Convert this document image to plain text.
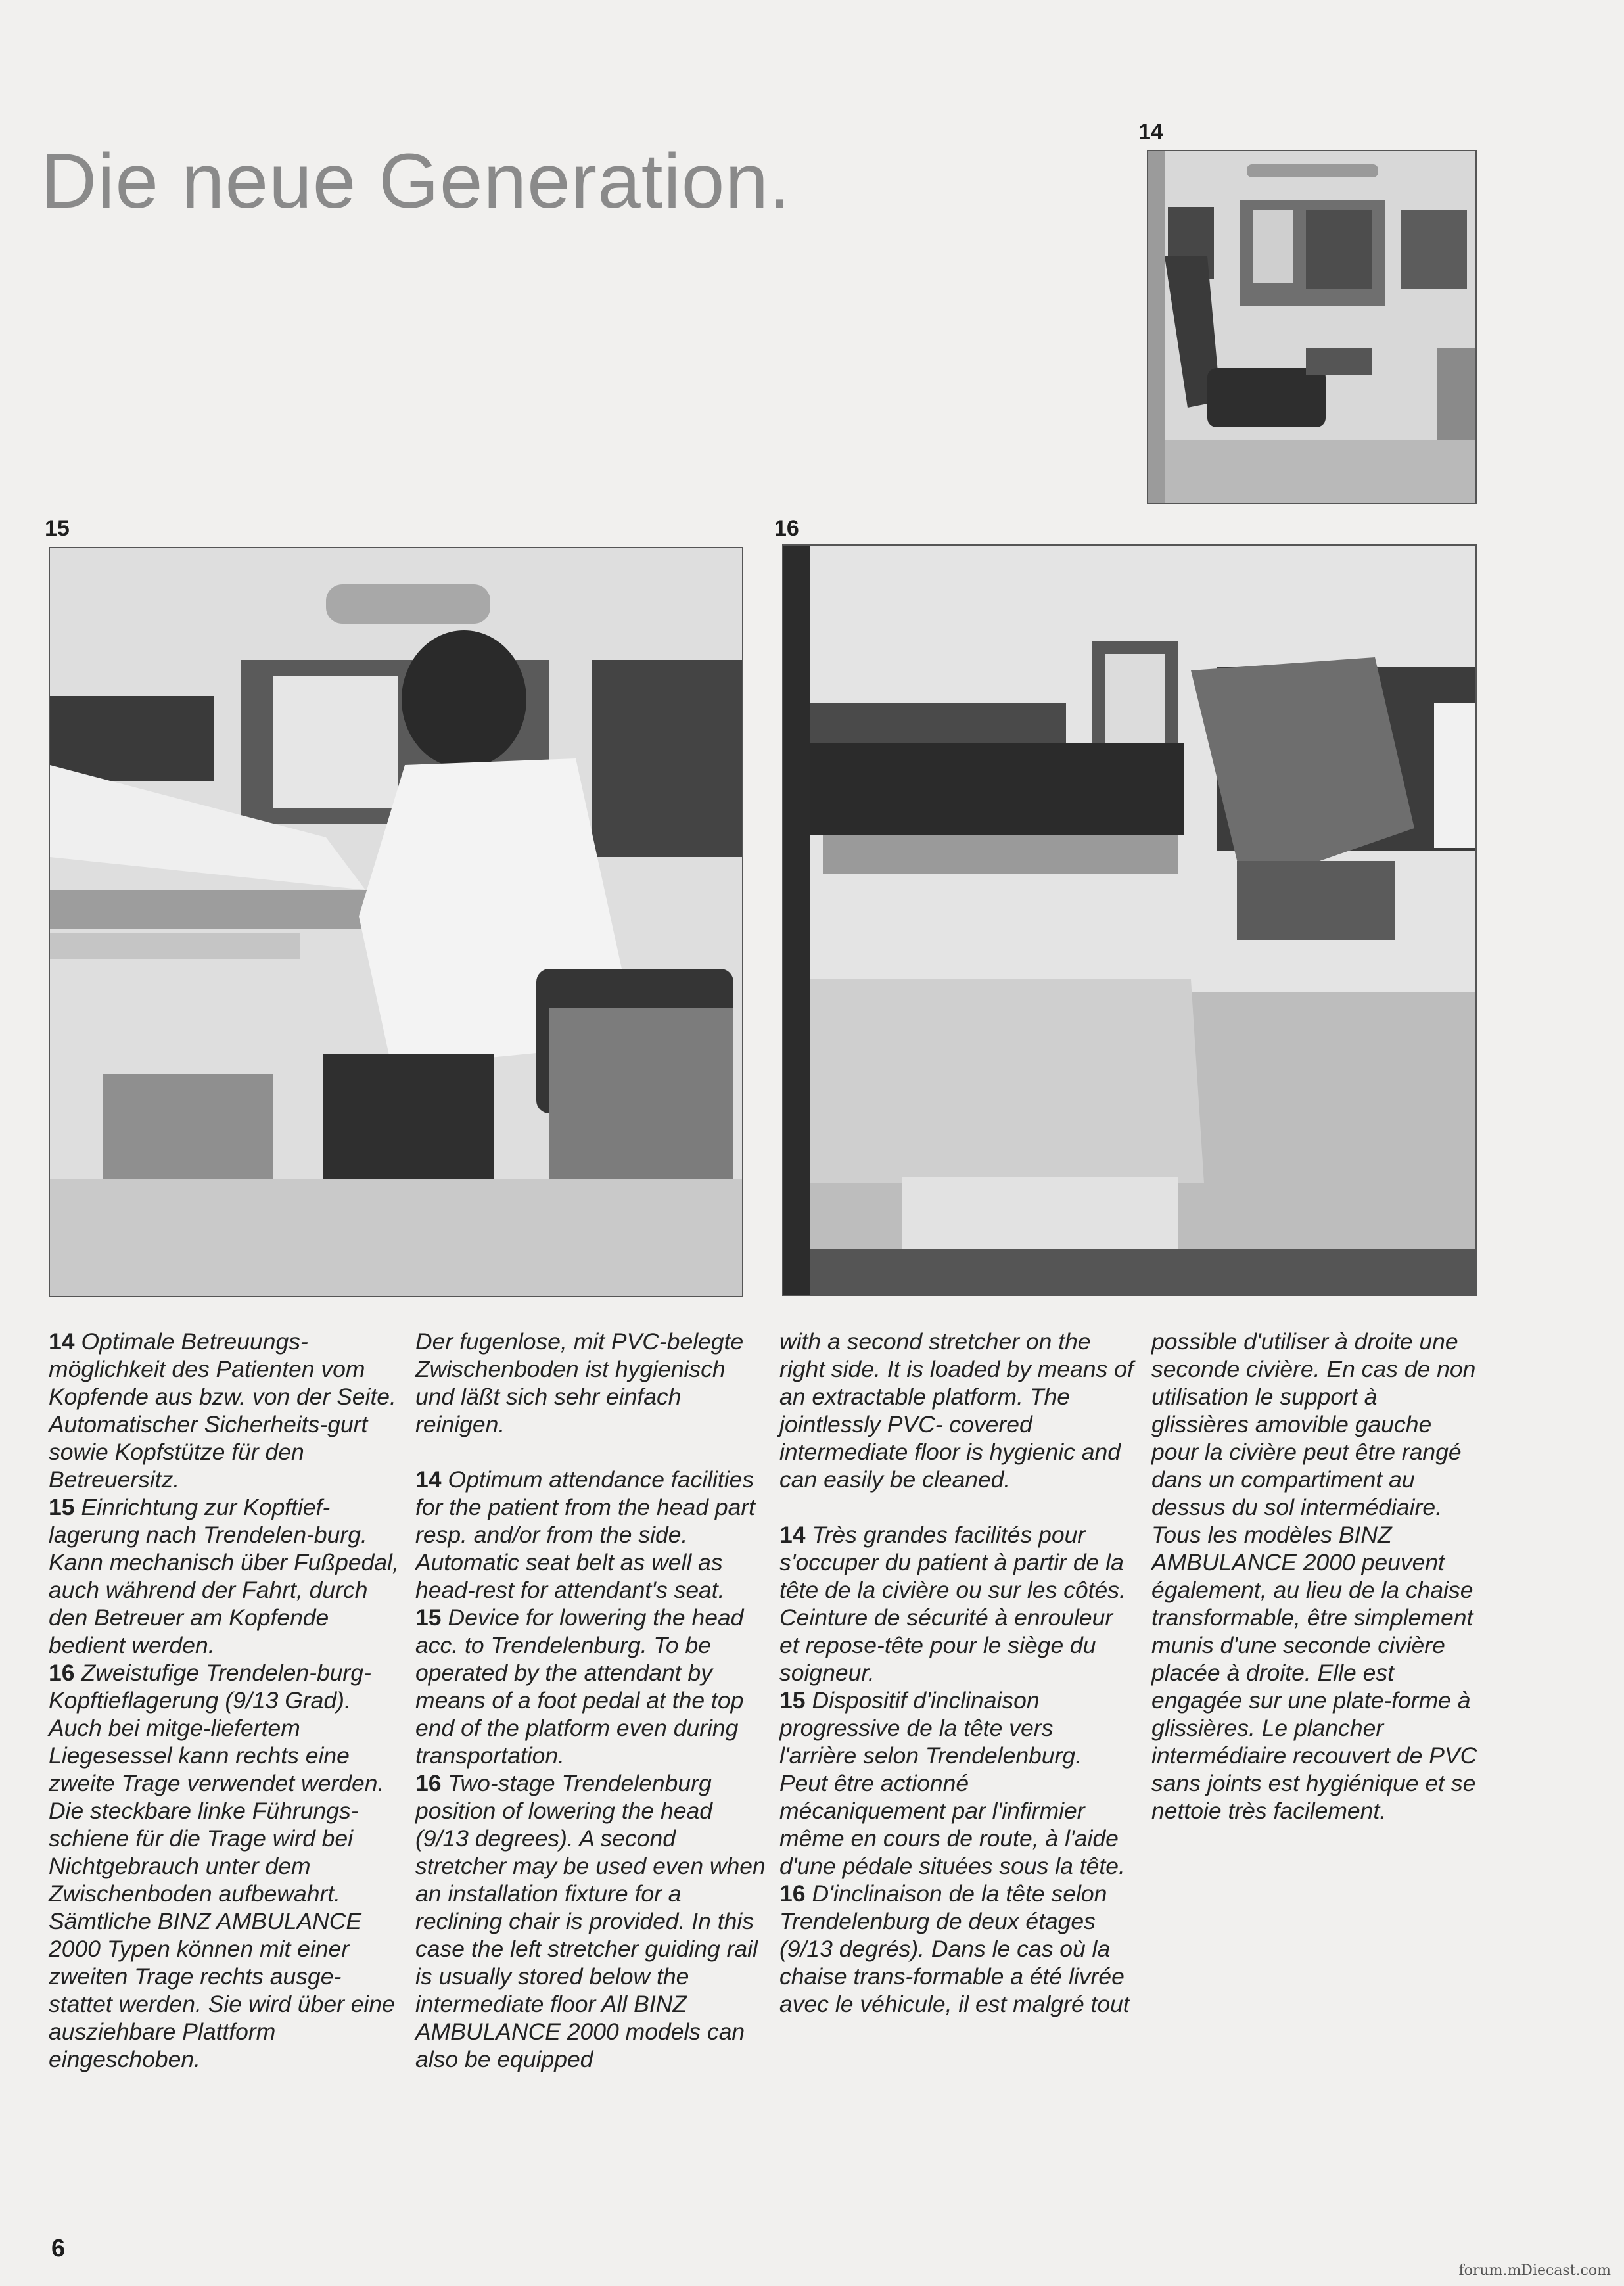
Die neue Generation.
14
15	16

14 Optimale Betreuungs-möglichkeit des Patienten vom Kopfende aus bzw. von der Seite. Automatischer Sicherheits-gurt sowie Kopfstütze für den Betreuersitz.

15 Einrichtung zur Kopftief-lagerung nach Trendelen-burg. Kann mechanisch über Fußpedal, auch während der Fahrt, durch den Betreuer am Kopfende bedient werden.

16 Zweistufige Trendelen-burg-Kopftieflagerung (9/13 Grad). Auch bei mitge-liefertem Liegesessel kann rechts eine zweite Trage verwendet werden. Die steckbare linke Führungs-schiene für die Trage wird bei Nichtgebrauch unter dem Zwischenboden aufbewahrt. Sämtliche BINZ AMBULANCE 2000 Typen können mit einer zweiten Trage rechts ausge-stattet werden. Sie wird über eine ausziehbare Plattform eingeschoben.

Der fugenlose, mit PVC-belegte Zwischenboden ist hygienisch und läßt sich sehr einfach reinigen.

14 Optimum attendance facilities for the patient from the head part resp. and/or from the side. Automatic seat belt as well as head-rest for attendant's seat.

15 Device for lowering the head acc. to Trendelenburg. To be operated by the attendant by means of a foot pedal at the top end of the platform even during transportation.

16 Two-stage Trendelenburg position of lowering the head (9/13 degrees). A second stretcher may be used even when an installation fixture for a reclining chair is provided. In this case the left stretcher guiding rail is usually stored below the intermediate floor All BINZ AMBULANCE 2000 models can also be equipped

with a second stretcher on the right side. It is loaded by means of an extractable platform. The jointlessly PVC- covered intermediate floor is hygienic and can easily be cleaned.

14 Très grandes facilités pour s'occuper du patient à partir de la tête de la civière ou sur les côtés. Ceinture de sécurité à enrouleur et repose-tête pour le siège du soigneur.

15 Dispositif d'inclinaison progressive de la tête vers l'arrière selon Trendelenburg. Peut être actionné mécaniquement par l'infirmier même en cours de route, à l'aide d'une pédale situées sous la tête.

16 D'inclinaison de la tête selon Trendelenburg de deux étages (9/13 degrés). Dans le cas où la chaise trans-formable a été livrée avec le véhicule, il est malgré tout

possible d'utiliser à droite une seconde civière. En cas de non utilisation le support à glissières amovible gauche pour la civière peut être rangé dans un compartiment au dessus du sol intermédiaire. Tous les modèles BINZ AMBULANCE 2000 peuvent également, au lieu de la chaise transformable, être simplement munis d'une seconde civière placée à droite. Elle est engagée sur une plate-forme à glissières. Le plancher intermédiaire recouvert de PVC sans joints est hygiénique et se nettoie très facilement.

6
forum.mDiecast.com
